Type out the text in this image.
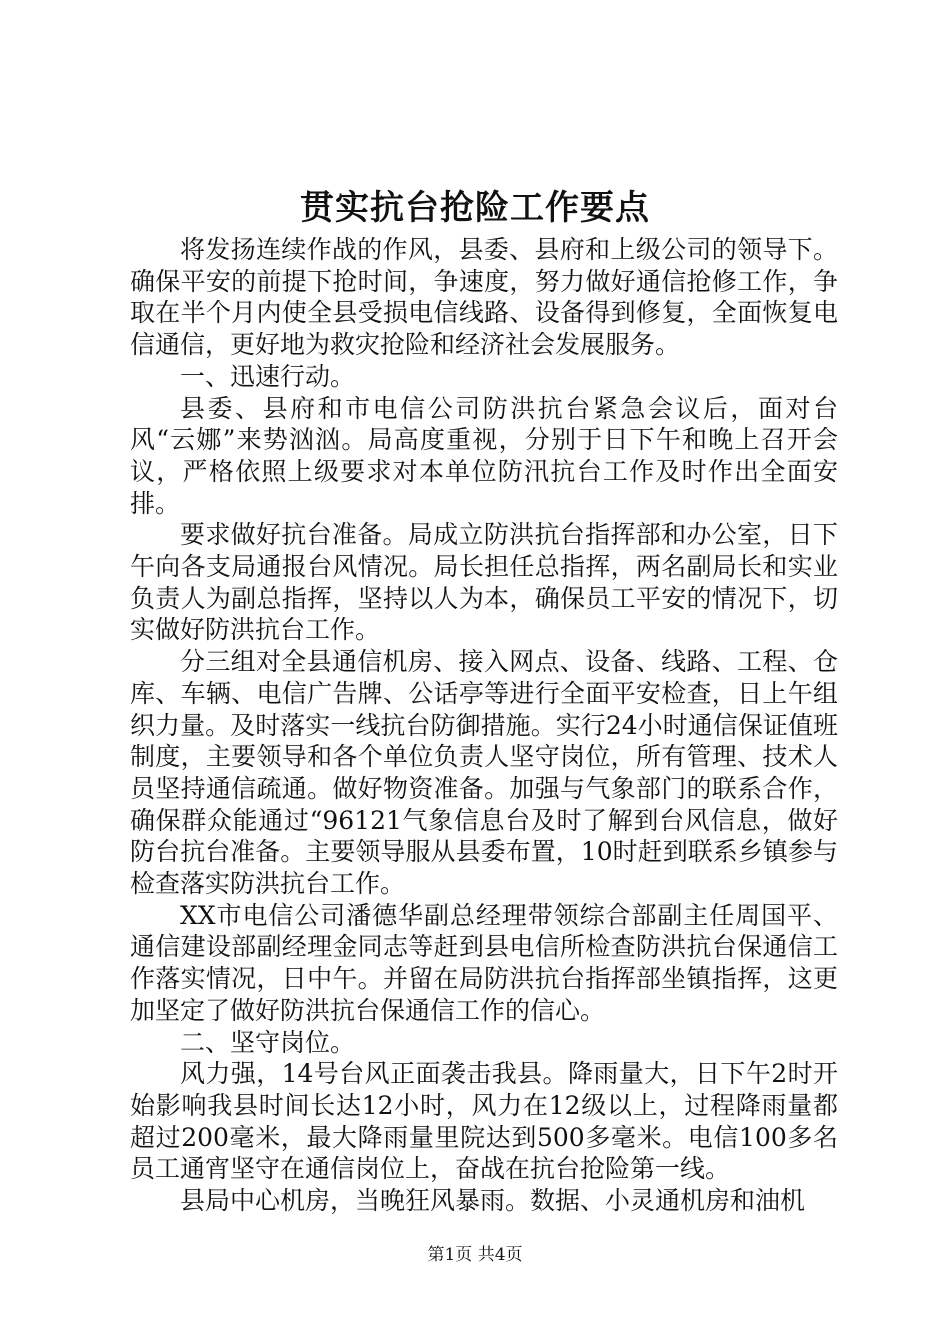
贯实抗台抢险工作要点

将发扬连续作战的作风，县委、县府和上级公司的领导下。确保平安的前提下抢时间，争速度，努力做好通信抢修工作，争取在半个月内使全县受损电信线路、设备得到修复，全面恢复电信通信，更好地为救灾抢险和经济社会发展服务。

一、迅速行动。

县委、县府和市电信公司防洪抗台紧急会议后，面对台风“云娜”来势汹汹。局高度重视，分别于日下午和晚上召开会议，严格依照上级要求对本单位防汛抗台工作及时作出全面安排。

要求做好抗台准备。局成立防洪抗台指挥部和办公室，日下午向各支局通报台风情况。局长担任总指挥，两名副局长和实业负责人为副总指挥，坚持以人为本，确保员工平安的情况下，切实做好防洪抗台工作。

分三组对全县通信机房、接入网点、设备、线路、工程、仓库、车辆、电信广告牌、公话亭等进行全面平安检查，日上午组织力量。及时落实一线抗台防御措施。实行24小时通信保证值班制度，主要领导和各个单位负责人坚守岗位，所有管理、技术人员坚持通信疏通。做好物资准备。加强与气象部门的联系合作，确保群众能通过“96121气象信息台及时了解到台风信息，做好防台抗台准备。主要领导服从县委布置，10时赶到联系乡镇参与检查落实防洪抗台工作。

XX市电信公司潘德华副总经理带领综合部副主任周国平、通信建设部副经理金同志等赶到县电信所检查防洪抗台保通信工作落实情况，日中午。并留在局防洪抗台指挥部坐镇指挥，这更加坚定了做好防洪抗台保通信工作的信心。

二、坚守岗位。

风力强，14号台风正面袭击我县。降雨量大，日下午2时开始影响我县时间长达12小时，风力在12级以上，过程降雨量都超过200毫米，最大降雨量里院达到500多毫米。电信100多名员工通宵坚守在通信岗位上，奋战在抗台抢险第一线。

县局中心机房，当晚狂风暴雨。数据、小灵通机房和油机

第1页 共4页
